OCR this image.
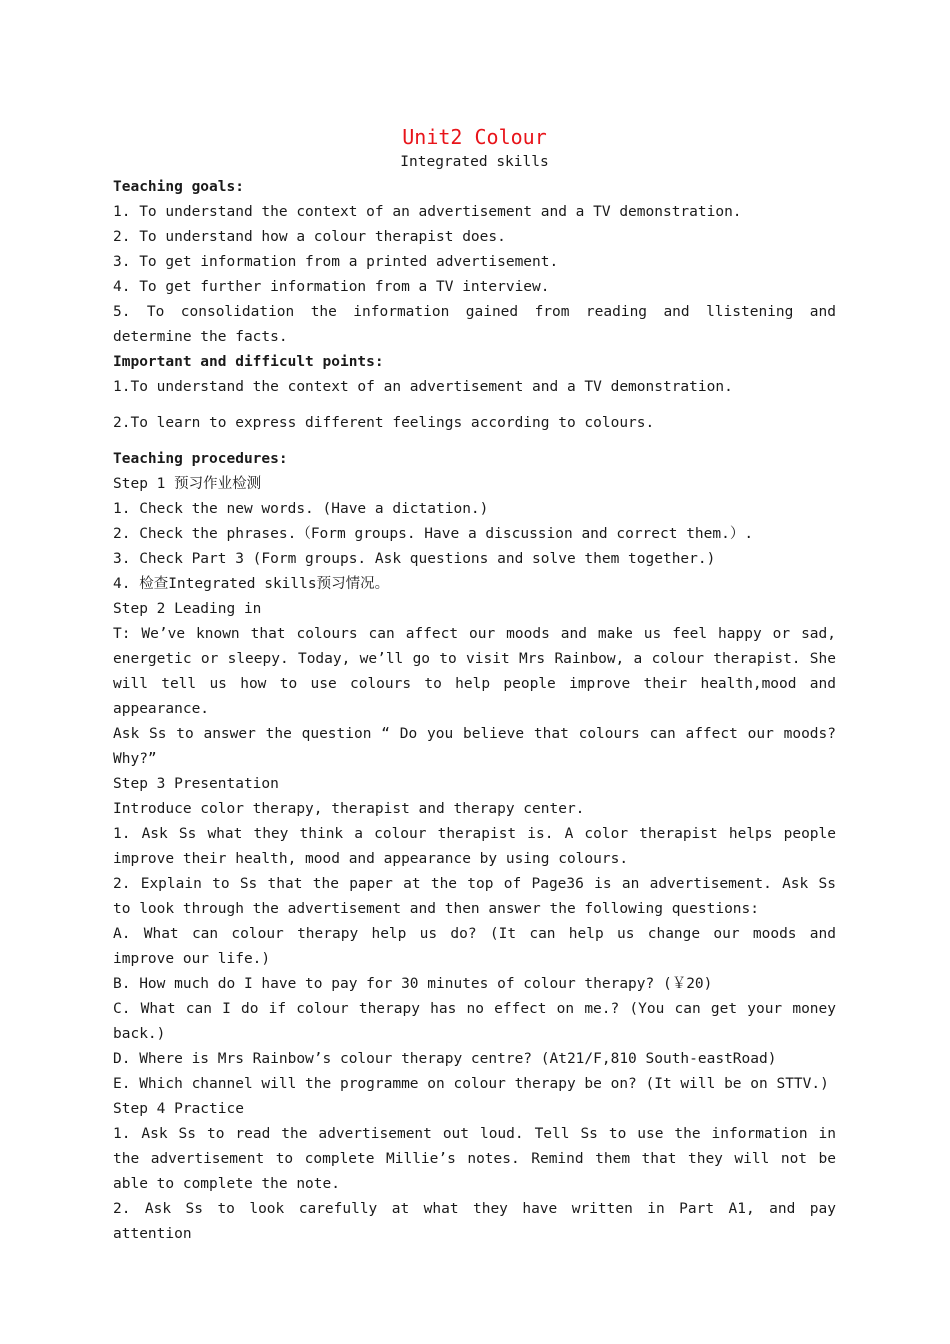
Unit2 Colour
Integrated skills
Teaching goals:
1. To understand the context of an advertisement and a TV demonstration.
2. To understand how a colour therapist does.
3. To get information from a printed advertisement.
4. To get further information from a TV interview.
5. To consolidation the information gained from reading and llistening and determine the facts.
Important and difficult points:
1.To understand the context of an advertisement and a TV demonstration.
2.To learn to express different feelings according to colours.
Teaching procedures:
Step 1 预习作业检测
1. Check the new words. (Have a dictation.)
2. Check the phrases.（Form groups. Have a discussion and correct them.）.
3. Check Part 3 (Form groups. Ask questions and solve them together.)
4. 检查Integrated skills预习情况。
Step 2 Leading in
T: We’ve known that colours can affect our moods and make us feel happy or sad, energetic or sleepy. Today, we’ll go to visit Mrs Rainbow, a colour therapist. She will tell us how to use colours to help people improve their health,mood and appearance.
Ask Ss to answer the question “ Do you believe that colours can affect our moods? Why?”
Step 3 Presentation
Introduce color therapy, therapist and therapy center.
1. Ask Ss what they think a colour therapist is. A color therapist helps people improve their health, mood and appearance by using colours.
2. Explain to Ss that the paper at the top of Page36 is an advertisement. Ask Ss to look through the advertisement and then answer the following questions:
A. What can colour therapy help us do? (It can help us change our moods and improve our life.)
B. How much do I have to pay for 30 minutes of colour therapy? (￥20)
C. What can I do if colour therapy has no effect on me.? (You can get your money back.)
D. Where is Mrs Rainbow’s colour therapy centre? (At21/F,810 South-eastRoad)
E. Which channel will the programme on colour therapy be on? (It will be on STTV.)
Step 4 Practice
1. Ask Ss to read the advertisement out loud. Tell Ss to use the information in the advertisement to complete Millie’s notes. Remind them that they will not be able to complete the note.
2. Ask Ss to look carefully at what they have written in Part A1, and pay attention
